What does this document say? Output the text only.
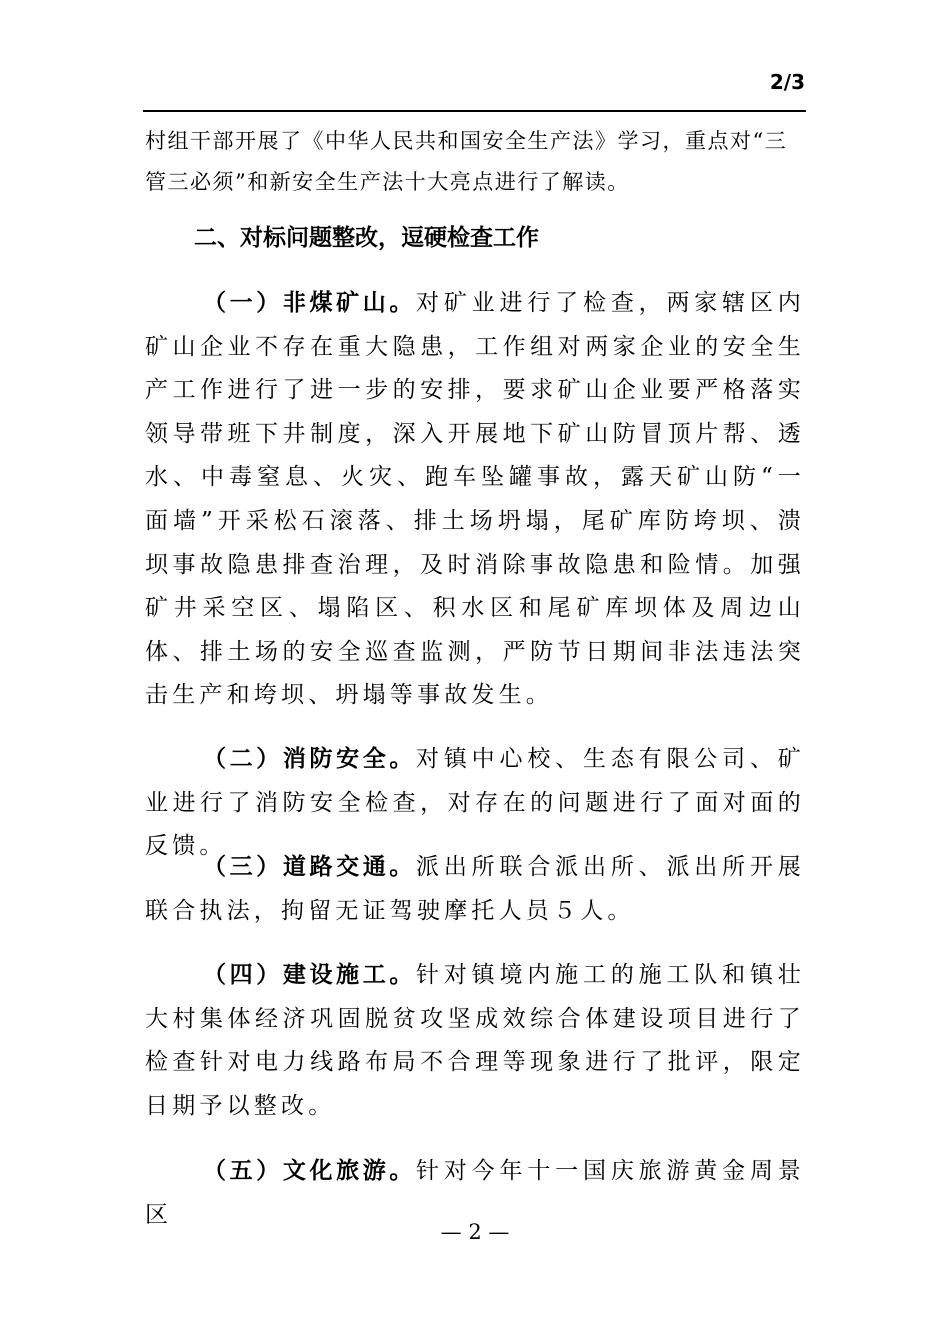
2/3

村组干部开展了《中华人民共和国安全生产法》学习，重点对“三管三必须”和新安全生产法十大亮点进行了解读。

二、对标问题整改，逗硬检查工作

（一）非煤矿山。对矿业进行了检查，两家辖区内矿山企业不存在重大隐患，工作组对两家企业的安全生产工作进行了进一步的安排，要求矿山企业要严格落实领导带班下井制度，深入开展地下矿山防冒顶片帮、透水、中毒窒息、火灾、跑车坠罐事故，露天矿山防“一面墙”开采松石滚落、排土场坍塌，尾矿库防垮坝、溃坝事故隐患排查治理，及时消除事故隐患和险情。加强矿井采空区、塌陷区、积水区和尾矿库坝体及周边山体、排土场的安全巡查监测，严防节日期间非法违法突击生产和垮坝、坍塌等事故发生。

（二）消防安全。对镇中心校、生态有限公司、矿业进行了消防安全检查，对存在的问题进行了面对面的反馈。

（三）道路交通。派出所联合派出所、派出所开展联合执法，拘留无证驾驶摩托人员５人。

（四）建设施工。针对镇境内施工的施工队和镇壮大村集体经济巩固脱贫攻坚成效综合体建设项目进行了检查针对电力线路布局不合理等现象进行了批评，限定日期予以整改。

（五）文化旅游。针对今年十一国庆旅游黄金周景区

— 2 —
